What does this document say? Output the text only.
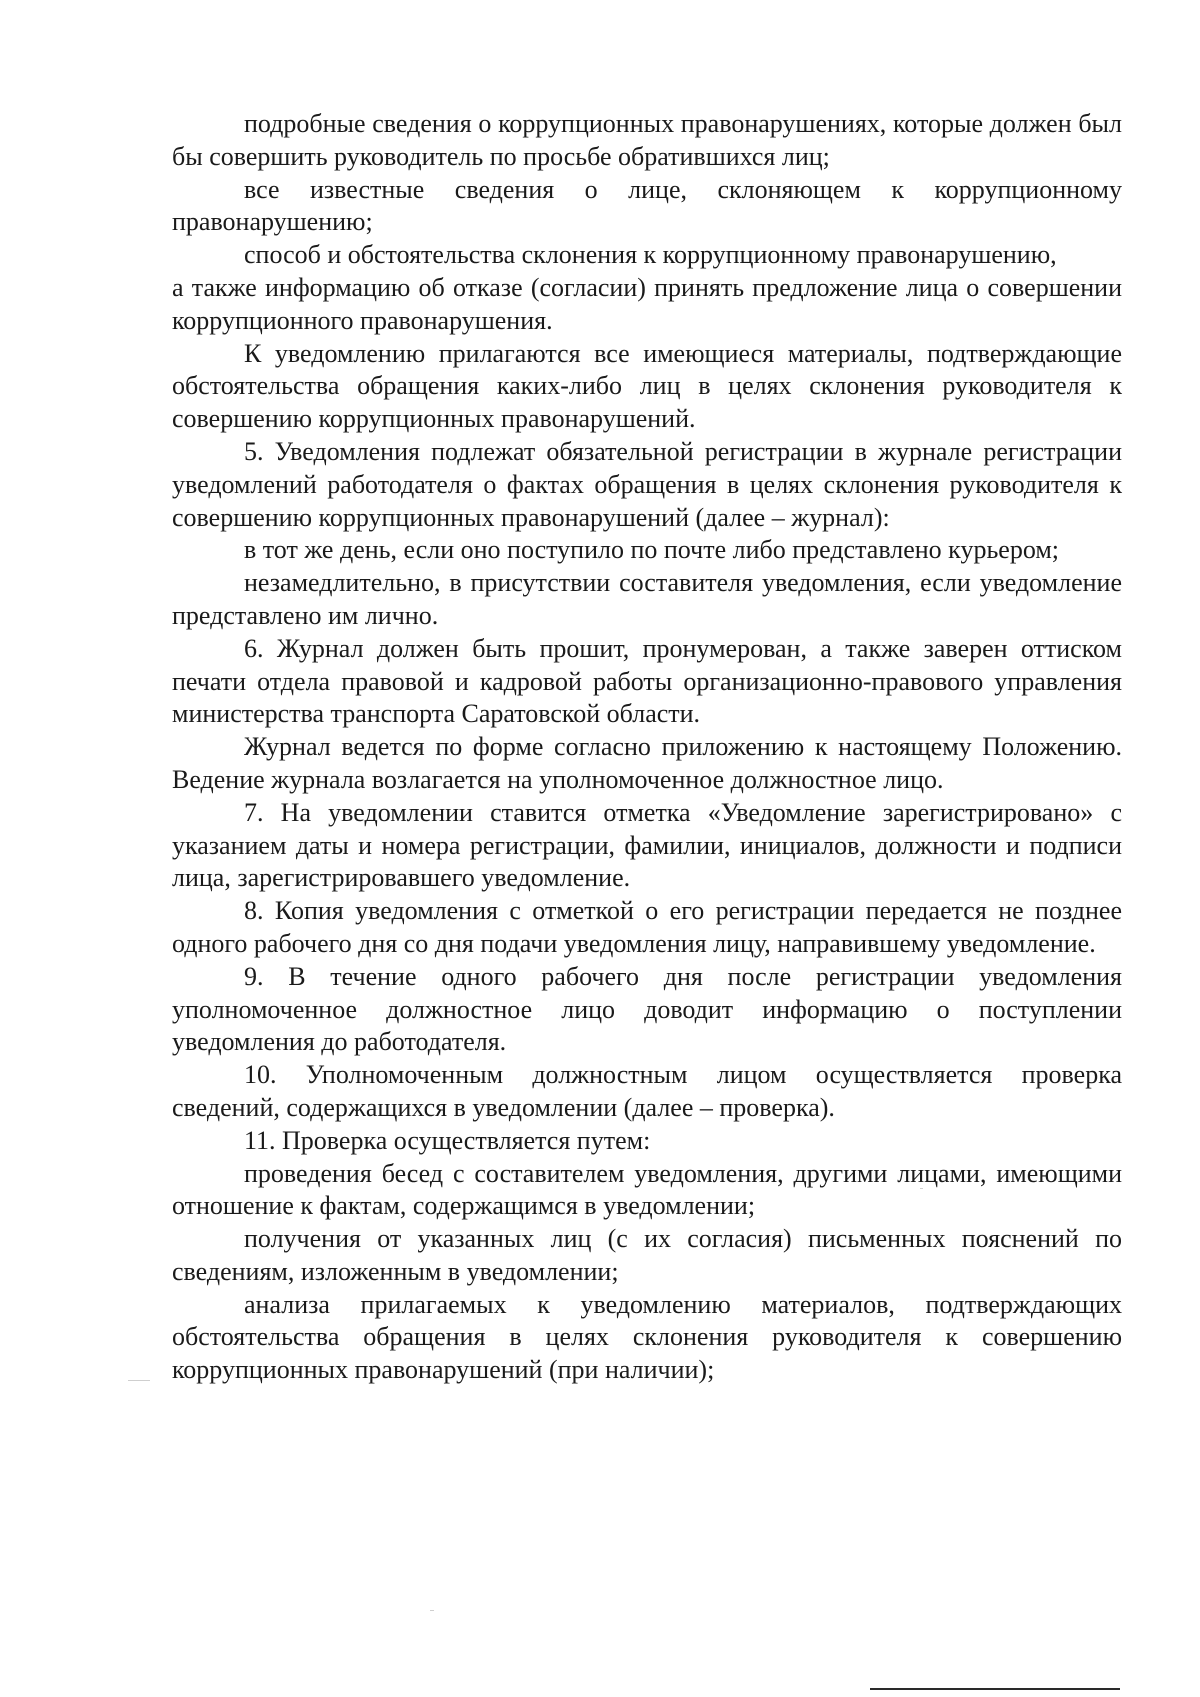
подробные сведения о коррупционных правонарушениях, которые должен был бы совершить руководитель по просьбе обратившихся лиц;

все известные сведения о лице, склоняющем к коррупционному правонарушению;

способ и обстоятельства склонения к коррупционному правонарушению,

а также информацию об отказе (согласии) принять предложение лица о совершении коррупционного правонарушения.

К уведомлению прилагаются все имеющиеся материалы, подтверждающие обстоятельства обращения каких-либо лиц в целях склонения руководителя к совершению коррупционных правонарушений.

5. Уведомления подлежат обязательной регистрации в журнале регистрации уведомлений работодателя о фактах обращения в целях склонения руководителя к совершению коррупционных правонарушений (далее – журнал):

в тот же день, если оно поступило по почте либо представлено курьером;

незамедлительно, в присутствии составителя уведомления, если уведомление представлено им лично.

6. Журнал должен быть прошит, пронумерован, а также заверен оттиском печати отдела правовой и кадровой работы организационно-правового управления министерства транспорта Саратовской области.

Журнал ведется по форме согласно приложению к настоящему Положению. Ведение журнала возлагается на уполномоченное должностное лицо.

7. На уведомлении ставится отметка «Уведомление зарегистрировано» с указанием даты и номера регистрации, фамилии, инициалов, должности и подписи лица, зарегистрировавшего уведомление.

8. Копия уведомления с отметкой о его регистрации передается не позднее одного рабочего дня со дня подачи уведомления лицу, направившему уведомление.

9. В течение одного рабочего дня после регистрации уведомления уполномоченное должностное лицо доводит информацию о поступлении уведомления до работодателя.

10. Уполномоченным должностным лицом осуществляется проверка сведений, содержащихся в уведомлении (далее – проверка).

11. Проверка осуществляется путем:

проведения бесед с составителем уведомления, другими лицами, имеющими отношение к фактам, содержащимся в уведомлении;

получения от указанных лиц (с их согласия) письменных пояснений по сведениям, изложенным в уведомлении;

анализа прилагаемых к уведомлению материалов, подтверждающих обстоятельства обращения в целях склонения руководителя к совершению коррупционных правонарушений (при наличии);
